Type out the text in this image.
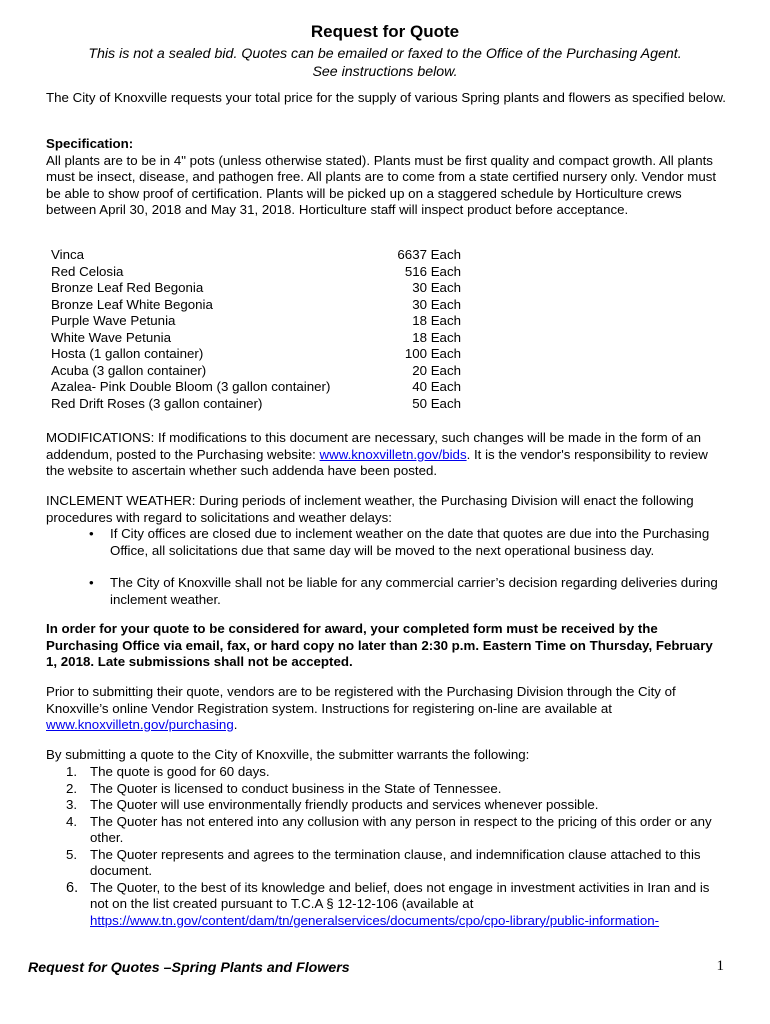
Request for Quote
This is not a sealed bid. Quotes can be emailed or faxed to the Office of the Purchasing Agent.
See instructions below.
The City of Knoxville requests your total price for the supply of various Spring plants and flowers as specified below.
Specification:
All plants are to be in 4" pots (unless otherwise stated). Plants must be first quality and compact growth. All plants must be insect, disease, and pathogen free. All plants are to come from a state certified nursery only. Vendor must be able to show proof of certification. Plants will be picked up on a staggered schedule by Horticulture crews between April 30, 2018 and May 31, 2018. Horticulture staff will inspect product before acceptance.
Vinca	6637 Each
Red Celosia	516 Each
Bronze Leaf Red Begonia	30 Each
Bronze Leaf White Begonia	30 Each
Purple Wave Petunia	18 Each
White Wave Petunia	18 Each
Hosta (1 gallon container)	100 Each
Acuba (3 gallon container)	20 Each
Azalea- Pink Double Bloom (3 gallon container)	40 Each
Red Drift Roses (3 gallon container)	50 Each
MODIFICATIONS: If modifications to this document are necessary, such changes will be made in the form of an addendum, posted to the Purchasing website: www.knoxvilletn.gov/bids. It is the vendor's responsibility to review the website to ascertain whether such addenda have been posted.
INCLEMENT WEATHER: During periods of inclement weather, the Purchasing Division will enact the following procedures with regard to solicitations and weather delays:
• If City offices are closed due to inclement weather on the date that quotes are due into the Purchasing Office, all solicitations due that same day will be moved to the next operational business day.
• The City of Knoxville shall not be liable for any commercial carrier’s decision regarding deliveries during inclement weather.
In order for your quote to be considered for award, your completed form must be received by the Purchasing Office via email, fax, or hard copy no later than 2:30 p.m. Eastern Time on Thursday, February 1, 2018. Late submissions shall not be accepted.
Prior to submitting their quote, vendors are to be registered with the Purchasing Division through the City of Knoxville’s online Vendor Registration system. Instructions for registering on-line are available at www.knoxvilletn.gov/purchasing.
By submitting a quote to the City of Knoxville, the submitter warrants the following:
1. The quote is good for 60 days.
2. The Quoter is licensed to conduct business in the State of Tennessee.
3. The Quoter will use environmentally friendly products and services whenever possible.
4. The Quoter has not entered into any collusion with any person in respect to the pricing of this order or any other.
5. The Quoter represents and agrees to the termination clause, and indemnification clause attached to this document.
6. The Quoter, to the best of its knowledge and belief, does not engage in investment activities in Iran and is not on the list created pursuant to T.C.A § 12-12-106 (available at
https://www.tn.gov/content/dam/tn/generalservices/documents/cpo/cpo-library/public-information-
Request for Quotes –Spring Plants and Flowers	1
